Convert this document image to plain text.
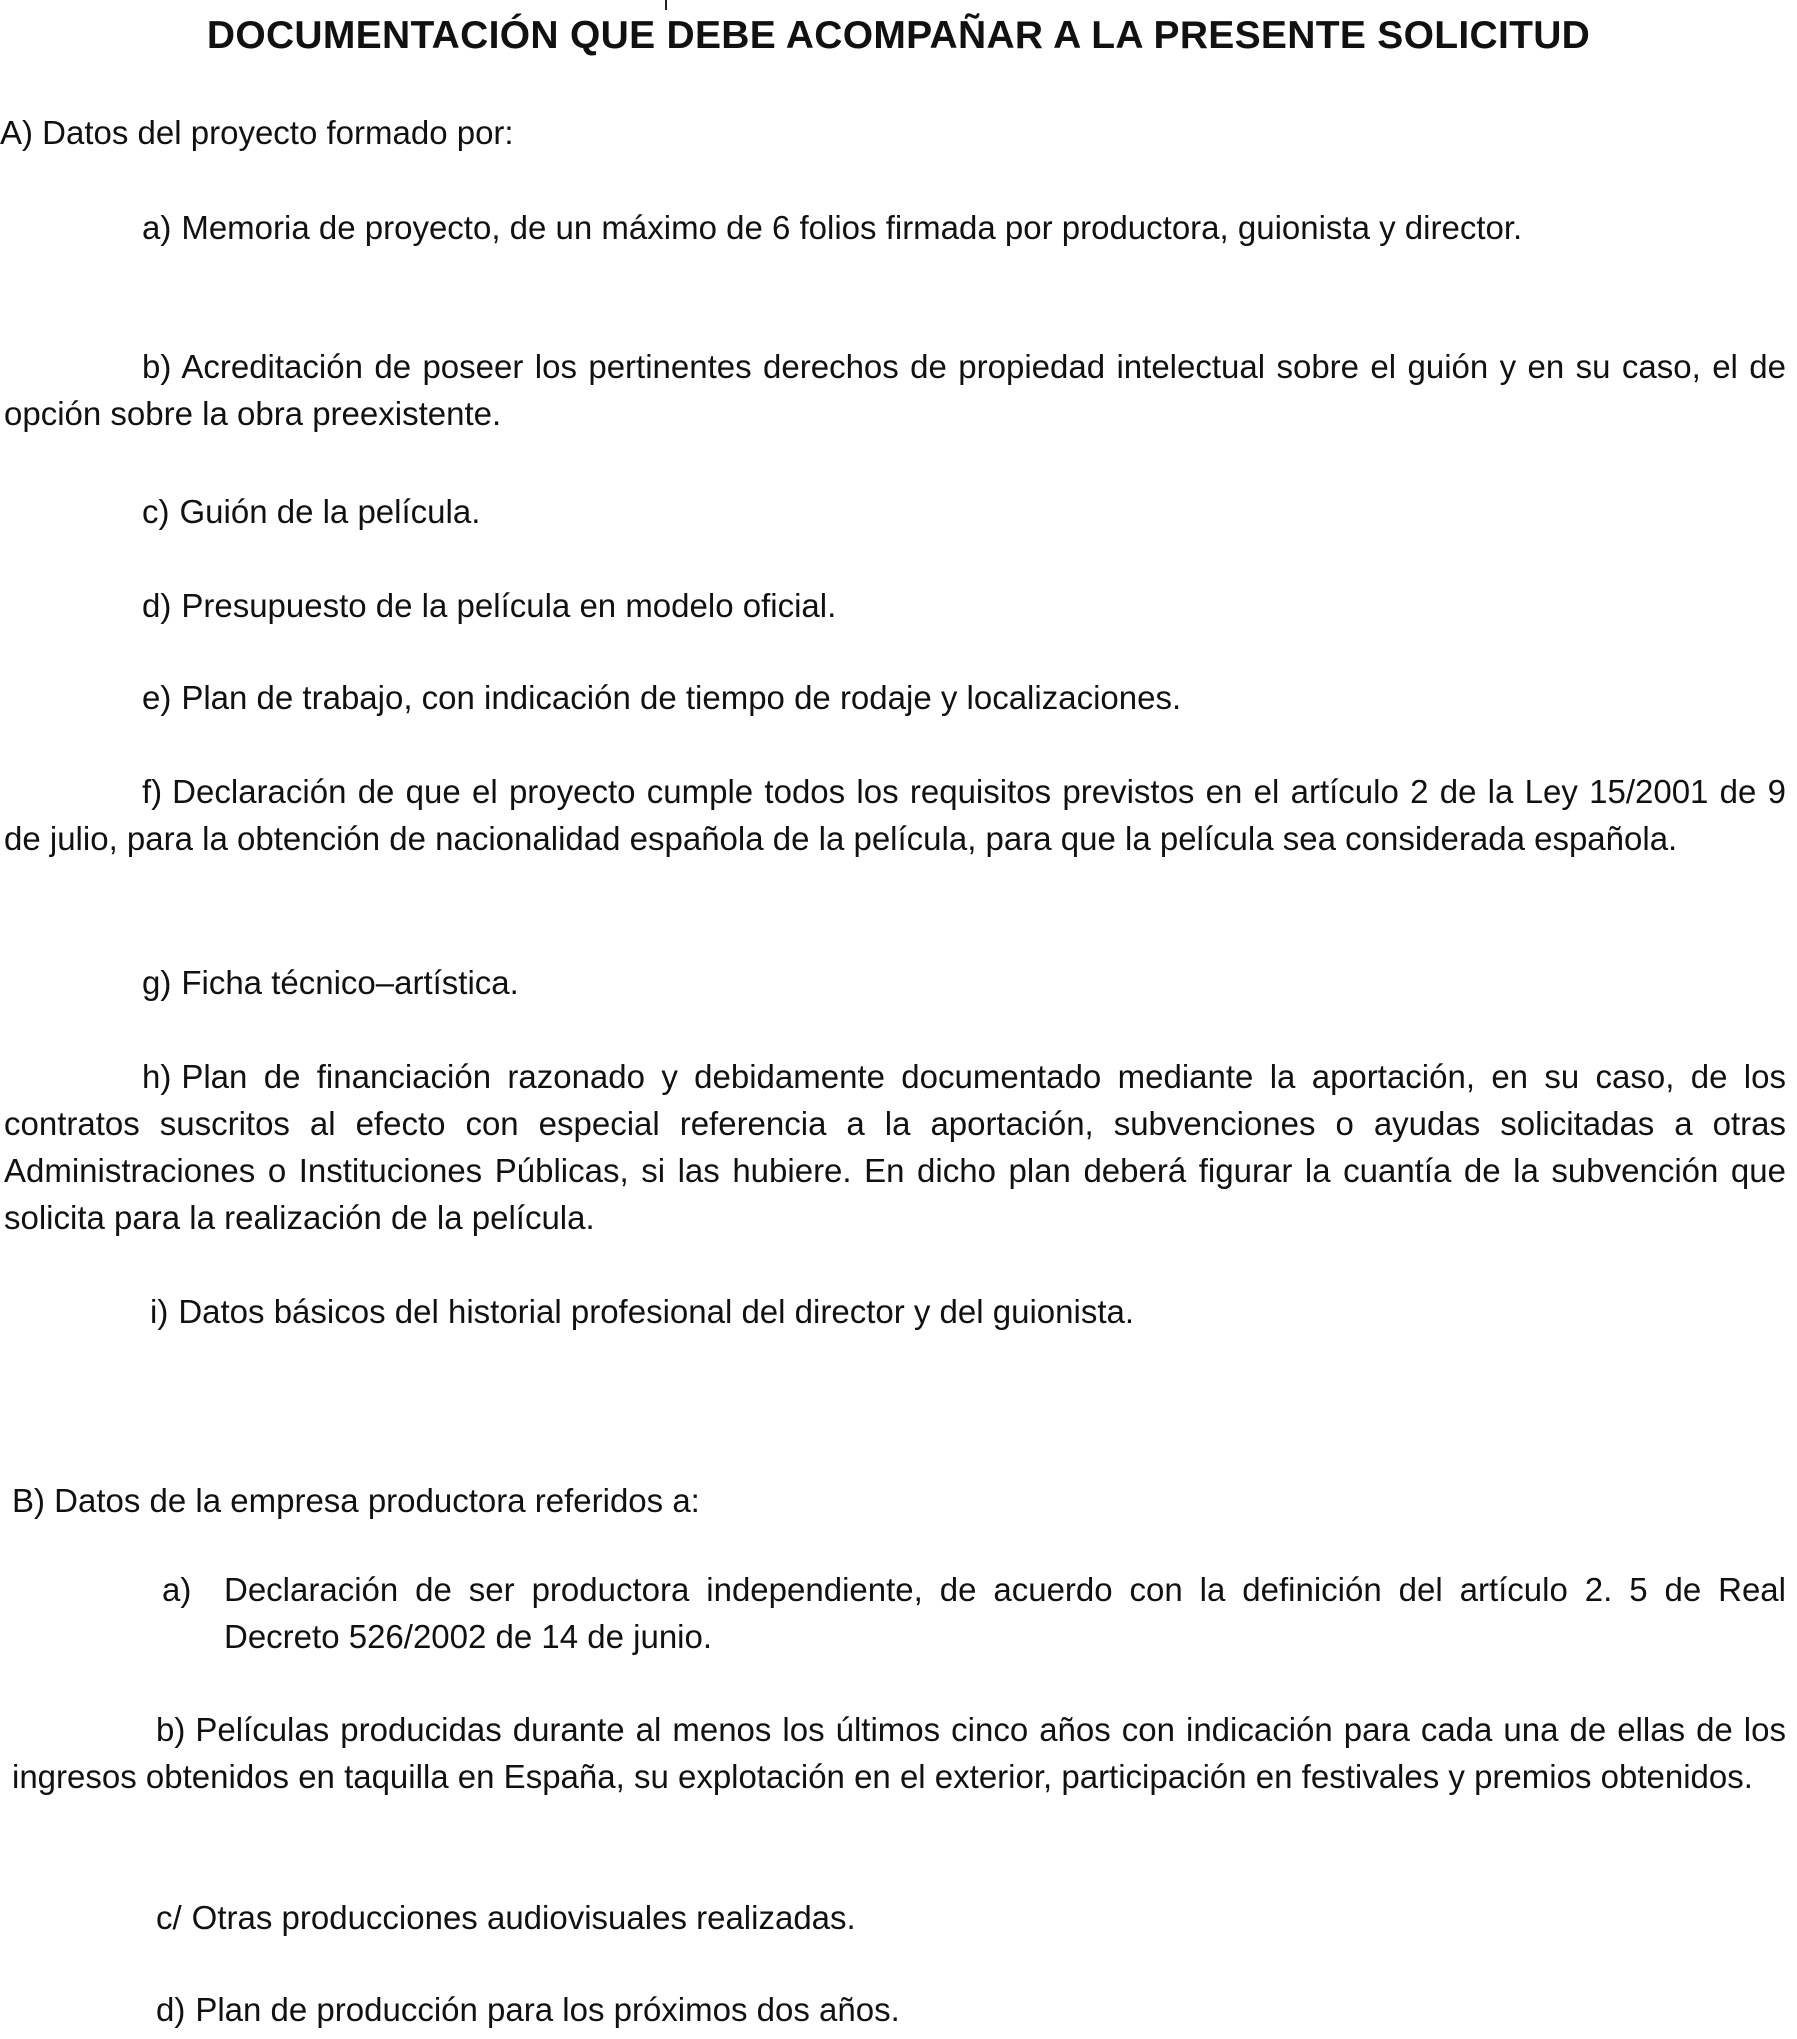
DOCUMENTACIÓN QUE DEBE ACOMPAÑAR A LA PRESENTE SOLICITUD
A) Datos del proyecto formado por:
a) Memoria de proyecto, de un máximo de 6 folios firmada por productora, guionista y director.
b) Acreditación de poseer los pertinentes derechos de propiedad intelectual sobre el guión y en su caso, el de opción sobre la obra preexistente.
c) Guión de la película.
d) Presupuesto de la película en modelo oficial.
e) Plan de trabajo, con indicación de tiempo de rodaje y localizaciones.
f) Declaración de que el proyecto cumple todos los requisitos previstos en el artículo 2 de la Ley 15/2001 de 9 de julio, para la obtención de nacionalidad española de la película, para que la película sea considerada española.
g) Ficha técnico–artística.
h) Plan de financiación razonado y debidamente documentado mediante la aportación, en su caso, de los contratos suscritos al efecto con especial referencia a la aportación, subvenciones o ayudas solicitadas a otras Administraciones o Instituciones Públicas, si las hubiere. En dicho plan deberá figurar la cuantía de la subvención que solicita para la realización de la película.
i) Datos básicos del historial profesional del director y del guionista.
B) Datos de la empresa productora referidos a:
a) Declaración de ser productora independiente, de acuerdo con la definición del artículo 2. 5 de Real Decreto 526/2002 de 14 de junio.
b) Películas producidas durante al menos los últimos cinco años con indicación para cada una de ellas de los ingresos obtenidos en taquilla en España, su explotación en el exterior, participación en festivales y premios obtenidos.
c/ Otras producciones audiovisuales realizadas.
d) Plan de producción para los próximos dos años.
